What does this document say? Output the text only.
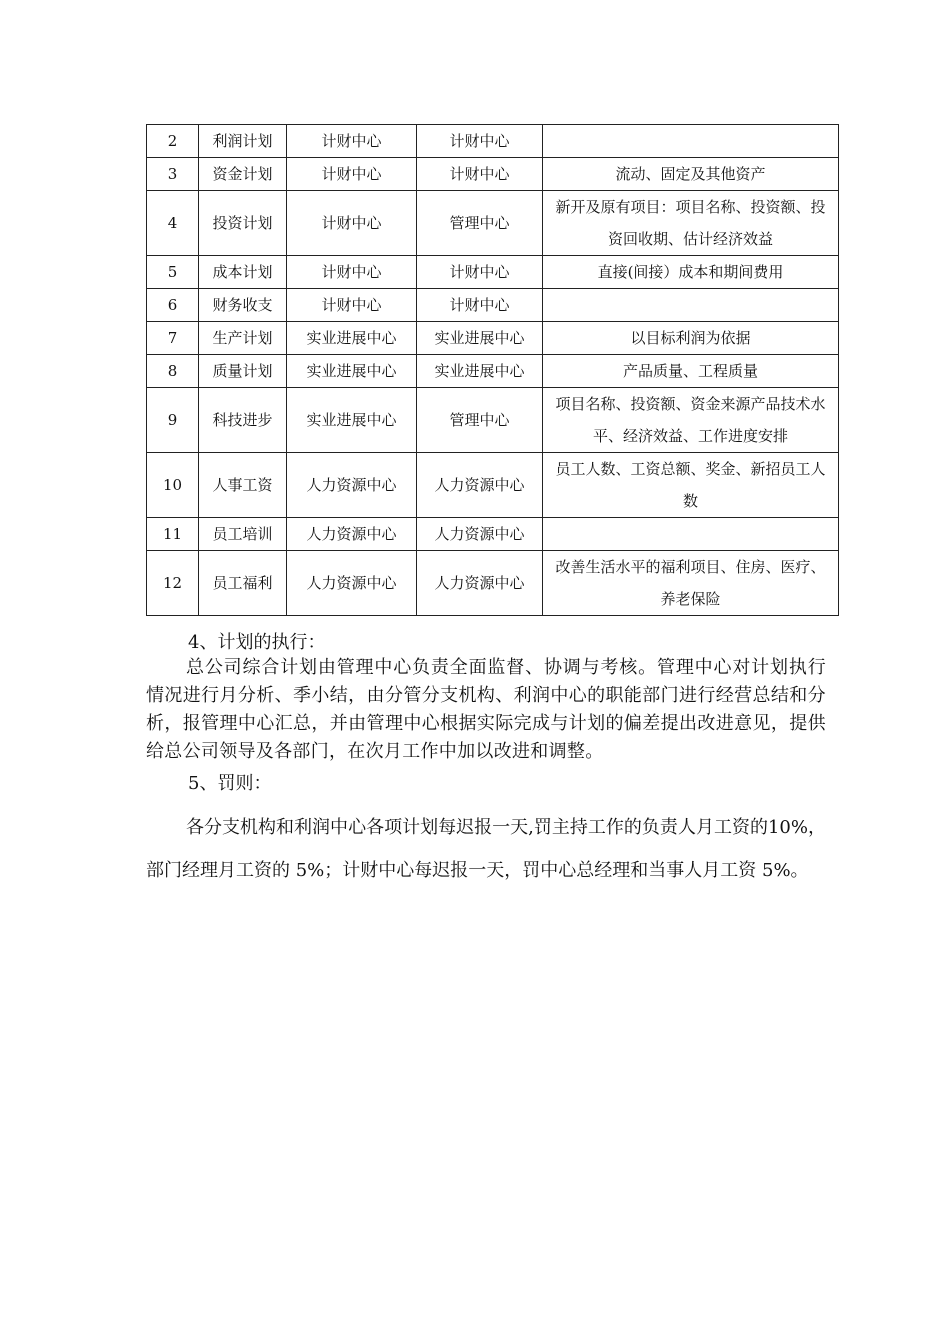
2	利润计划	计财中心	计财中心	
3	资金计划	计财中心	计财中心	流动、固定及其他资产
4	投资计划	计财中心	管理中心	新开及原有项目：项目名称、投资额、投资回收期、估计经济效益
5	成本计划	计财中心	计财中心	直接(间接）成本和期间费用
6	财务收支	计财中心	计财中心	
7	生产计划	实业进展中心	实业进展中心	以目标利润为依据
8	质量计划	实业进展中心	实业进展中心	产品质量、工程质量
9	科技进步	实业进展中心	管理中心	项目名称、投资额、资金来源产品技术水平、经济效益、工作进度安排
10	人事工资	人力资源中心	人力资源中心	员工人数、工资总额、奖金、新招员工人数
11	员工培训	人力资源中心	人力资源中心	
12	员工福利	人力资源中心	人力资源中心	改善生活水平的福利项目、住房、医疗、养老保险
4、计划的执行：
总公司综合计划由管理中心负责全面监督、协调与考核。管理中心对计划执行情况进行月分析、季小结，由分管分支机构、利润中心的职能部门进行经营总结和分析，报管理中心汇总，并由管理中心根据实际完成与计划的偏差提出改进意见，提供给总公司领导及各部门，在次月工作中加以改进和调整。
5、罚则：
各分支机构和利润中心各项计划每迟报一天,罚主持工作的负责人月工资的10%，部门经理月工资的 5%；计财中心每迟报一天，罚中心总经理和当事人月工资 5%。
